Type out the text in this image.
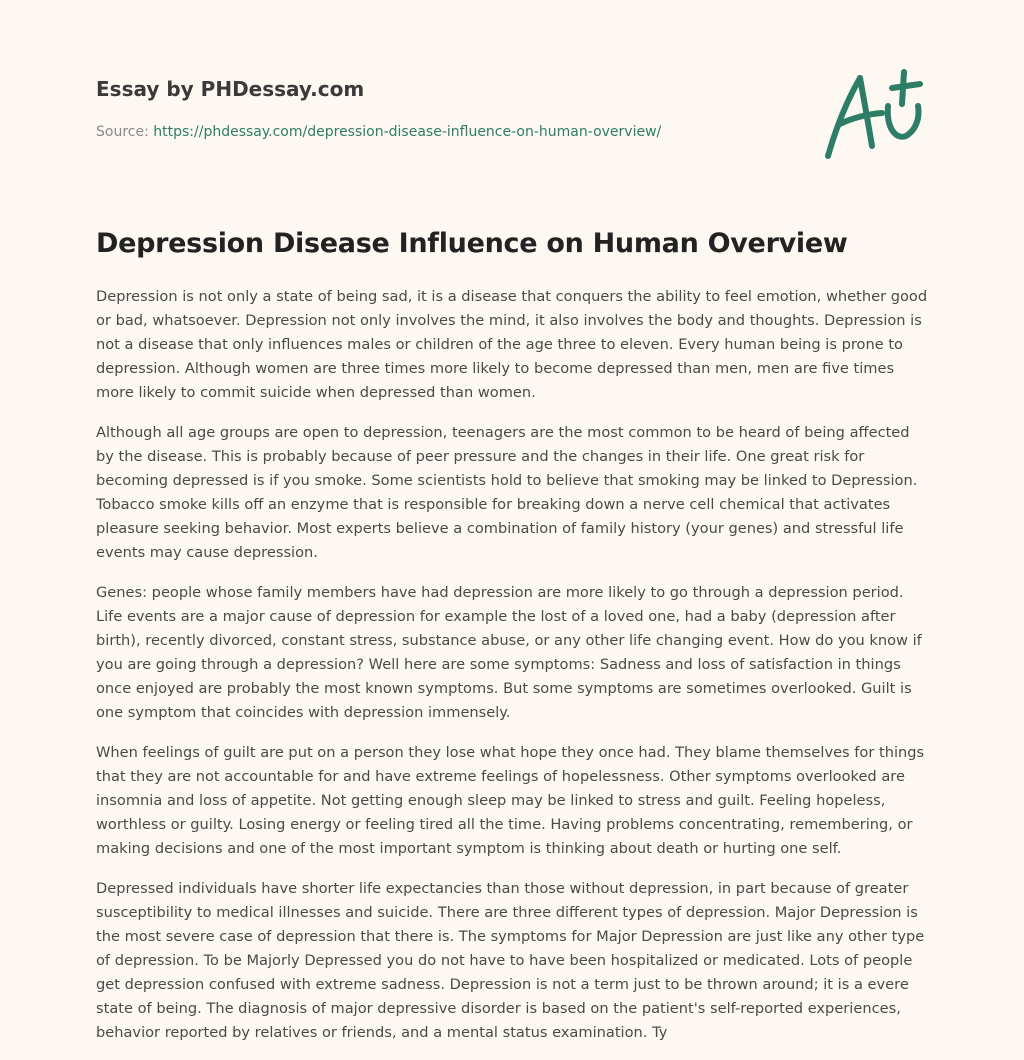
Essay by PHDessay.com

Source: https://phdessay.com/depression-disease-influence-on-human-overview/

Depression Disease Influence on Human Overview

Depression is not only a state of being sad, it is a disease that conquers the ability to feel emotion, whether good or bad, whatsoever. Depression not only involves the mind, it also involves the body and thoughts. Depression is not a disease that only influences males or children of the age three to eleven. Every human being is prone to depression. Although women are three times more likely to become depressed than men, men are five times more likely to commit suicide when depressed than women.

Although all age groups are open to depression, teenagers are the most common to be heard of being affected by the disease. This is probably because of peer pressure and the changes in their life. One great risk for becoming depressed is if you smoke. Some scientists hold to believe that smoking may be linked to Depression. Tobacco smoke kills off an enzyme that is responsible for breaking down a nerve cell chemical that activates pleasure seeking behavior. Most experts believe a combination of family history (your genes) and stressful life events may cause depression.

Genes: people whose family members have had depression are more likely to go through a depression period. Life events are a major cause of depression for example the lost of a loved one, had a baby (depression after birth), recently divorced, constant stress, substance abuse, or any other life changing event. How do you know if you are going through a depression? Well here are some symptoms: Sadness and loss of satisfaction in things once enjoyed are probably the most known symptoms. But some symptoms are sometimes overlooked. Guilt is one symptom that coincides with depression immensely.

When feelings of guilt are put on a person they lose what hope they once had. They blame themselves for things that they are not accountable for and have extreme feelings of hopelessness. Other symptoms overlooked are insomnia and loss of appetite. Not getting enough sleep may be linked to stress and guilt. Feeling hopeless, worthless or guilty. Losing energy or feeling tired all the time. Having problems concentrating, remembering, or making decisions and one of the most important symptom is thinking about death or hurting one self.

Depressed individuals have shorter life expectancies than those without depression, in part because of greater susceptibility to medical illnesses and suicide. There are three different types of depression. Major Depression is the most severe case of depression that there is. The symptoms for Major Depression are just like any other type of depression. To be Majorly Depressed you do not have to have been hospitalized or medicated. Lots of people get depression confused with extreme sadness. Depression is not a term just to be thrown around; it is a evere state of being. The diagnosis of major depressive disorder is based on the patient's self-reported experiences, behavior reported by relatives or friends, and a mental status examination. Ty
